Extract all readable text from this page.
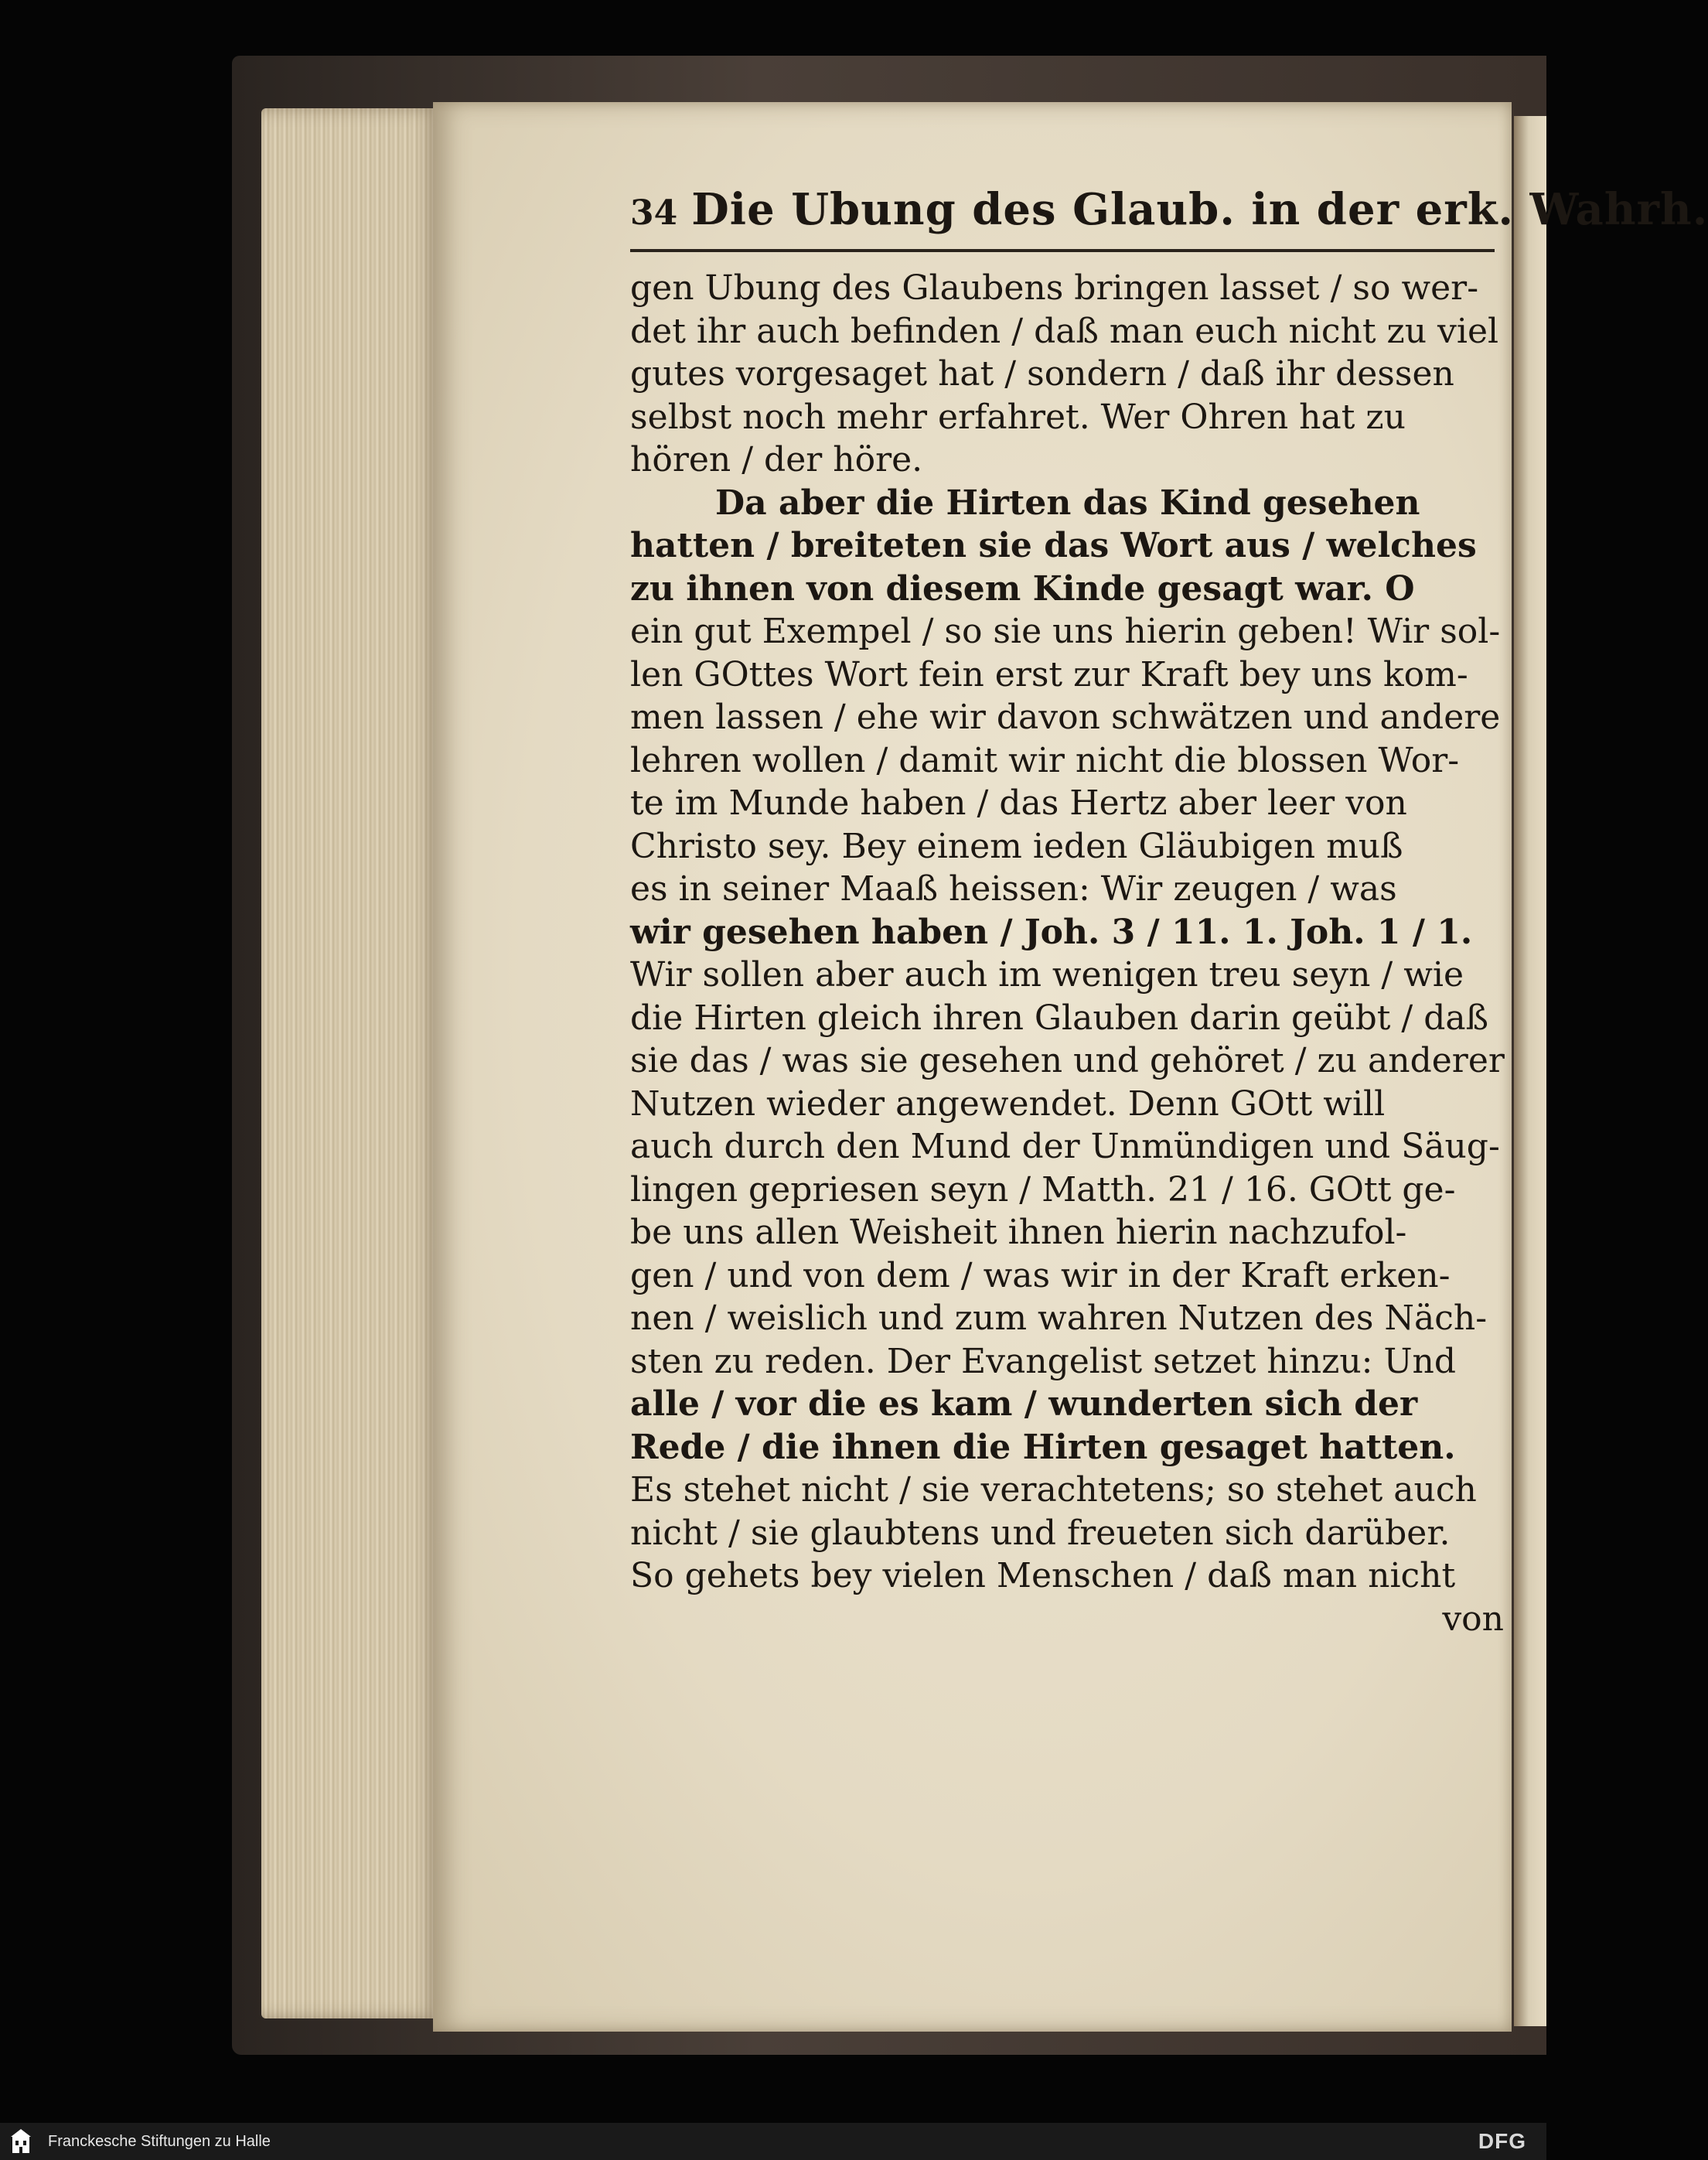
34 Die Ubung des Glaub. in der erk. Wahrh.
gen Ubung des Glaubens bringen lasset / so wer-
det ihr auch befinden / daß man euch nicht zu viel
gutes vorgesaget hat / sondern / daß ihr dessen
selbst noch mehr erfahret. Wer Ohren hat zu
hören / der höre.
Da aber die Hirten das Kind gesehen
hatten / breiteten sie das Wort aus / welches
zu ihnen von diesem Kinde gesagt war. O
ein gut Exempel / so sie uns hierin geben! Wir sol-
len GOttes Wort fein erst zur Kraft bey uns kom-
men lassen / ehe wir davon schwätzen und andere
lehren wollen / damit wir nicht die blossen Wor-
te im Munde haben / das Hertz aber leer von
Christo sey. Bey einem ieden Gläubigen muß
es in seiner Maaß heissen: Wir zeugen / was
wir gesehen haben / Joh. 3 / 11. 1. Joh. 1 / 1.
Wir sollen aber auch im wenigen treu seyn / wie
die Hirten gleich ihren Glauben darin geübt / daß
sie das / was sie gesehen und gehöret / zu anderer
Nutzen wieder angewendet. Denn GOtt will
auch durch den Mund der Unmündigen und Säug-
lingen gepriesen seyn / Matth. 21 / 16. GOtt ge-
be uns allen Weisheit ihnen hierin nachzufol-
gen / und von dem / was wir in der Kraft erken-
nen / weislich und zum wahren Nutzen des Näch-
sten zu reden. Der Evangelist setzet hinzu: Und
alle / vor die es kam / wunderten sich der
Rede / die ihnen die Hirten gesaget hatten.
Es stehet nicht / sie verachtetens; so stehet auch
nicht / sie glaubtens und freueten sich darüber.
So gehets bey vielen Menschen / daß man nicht
von
Franckesche Stiftungen zu Halle	DFG
